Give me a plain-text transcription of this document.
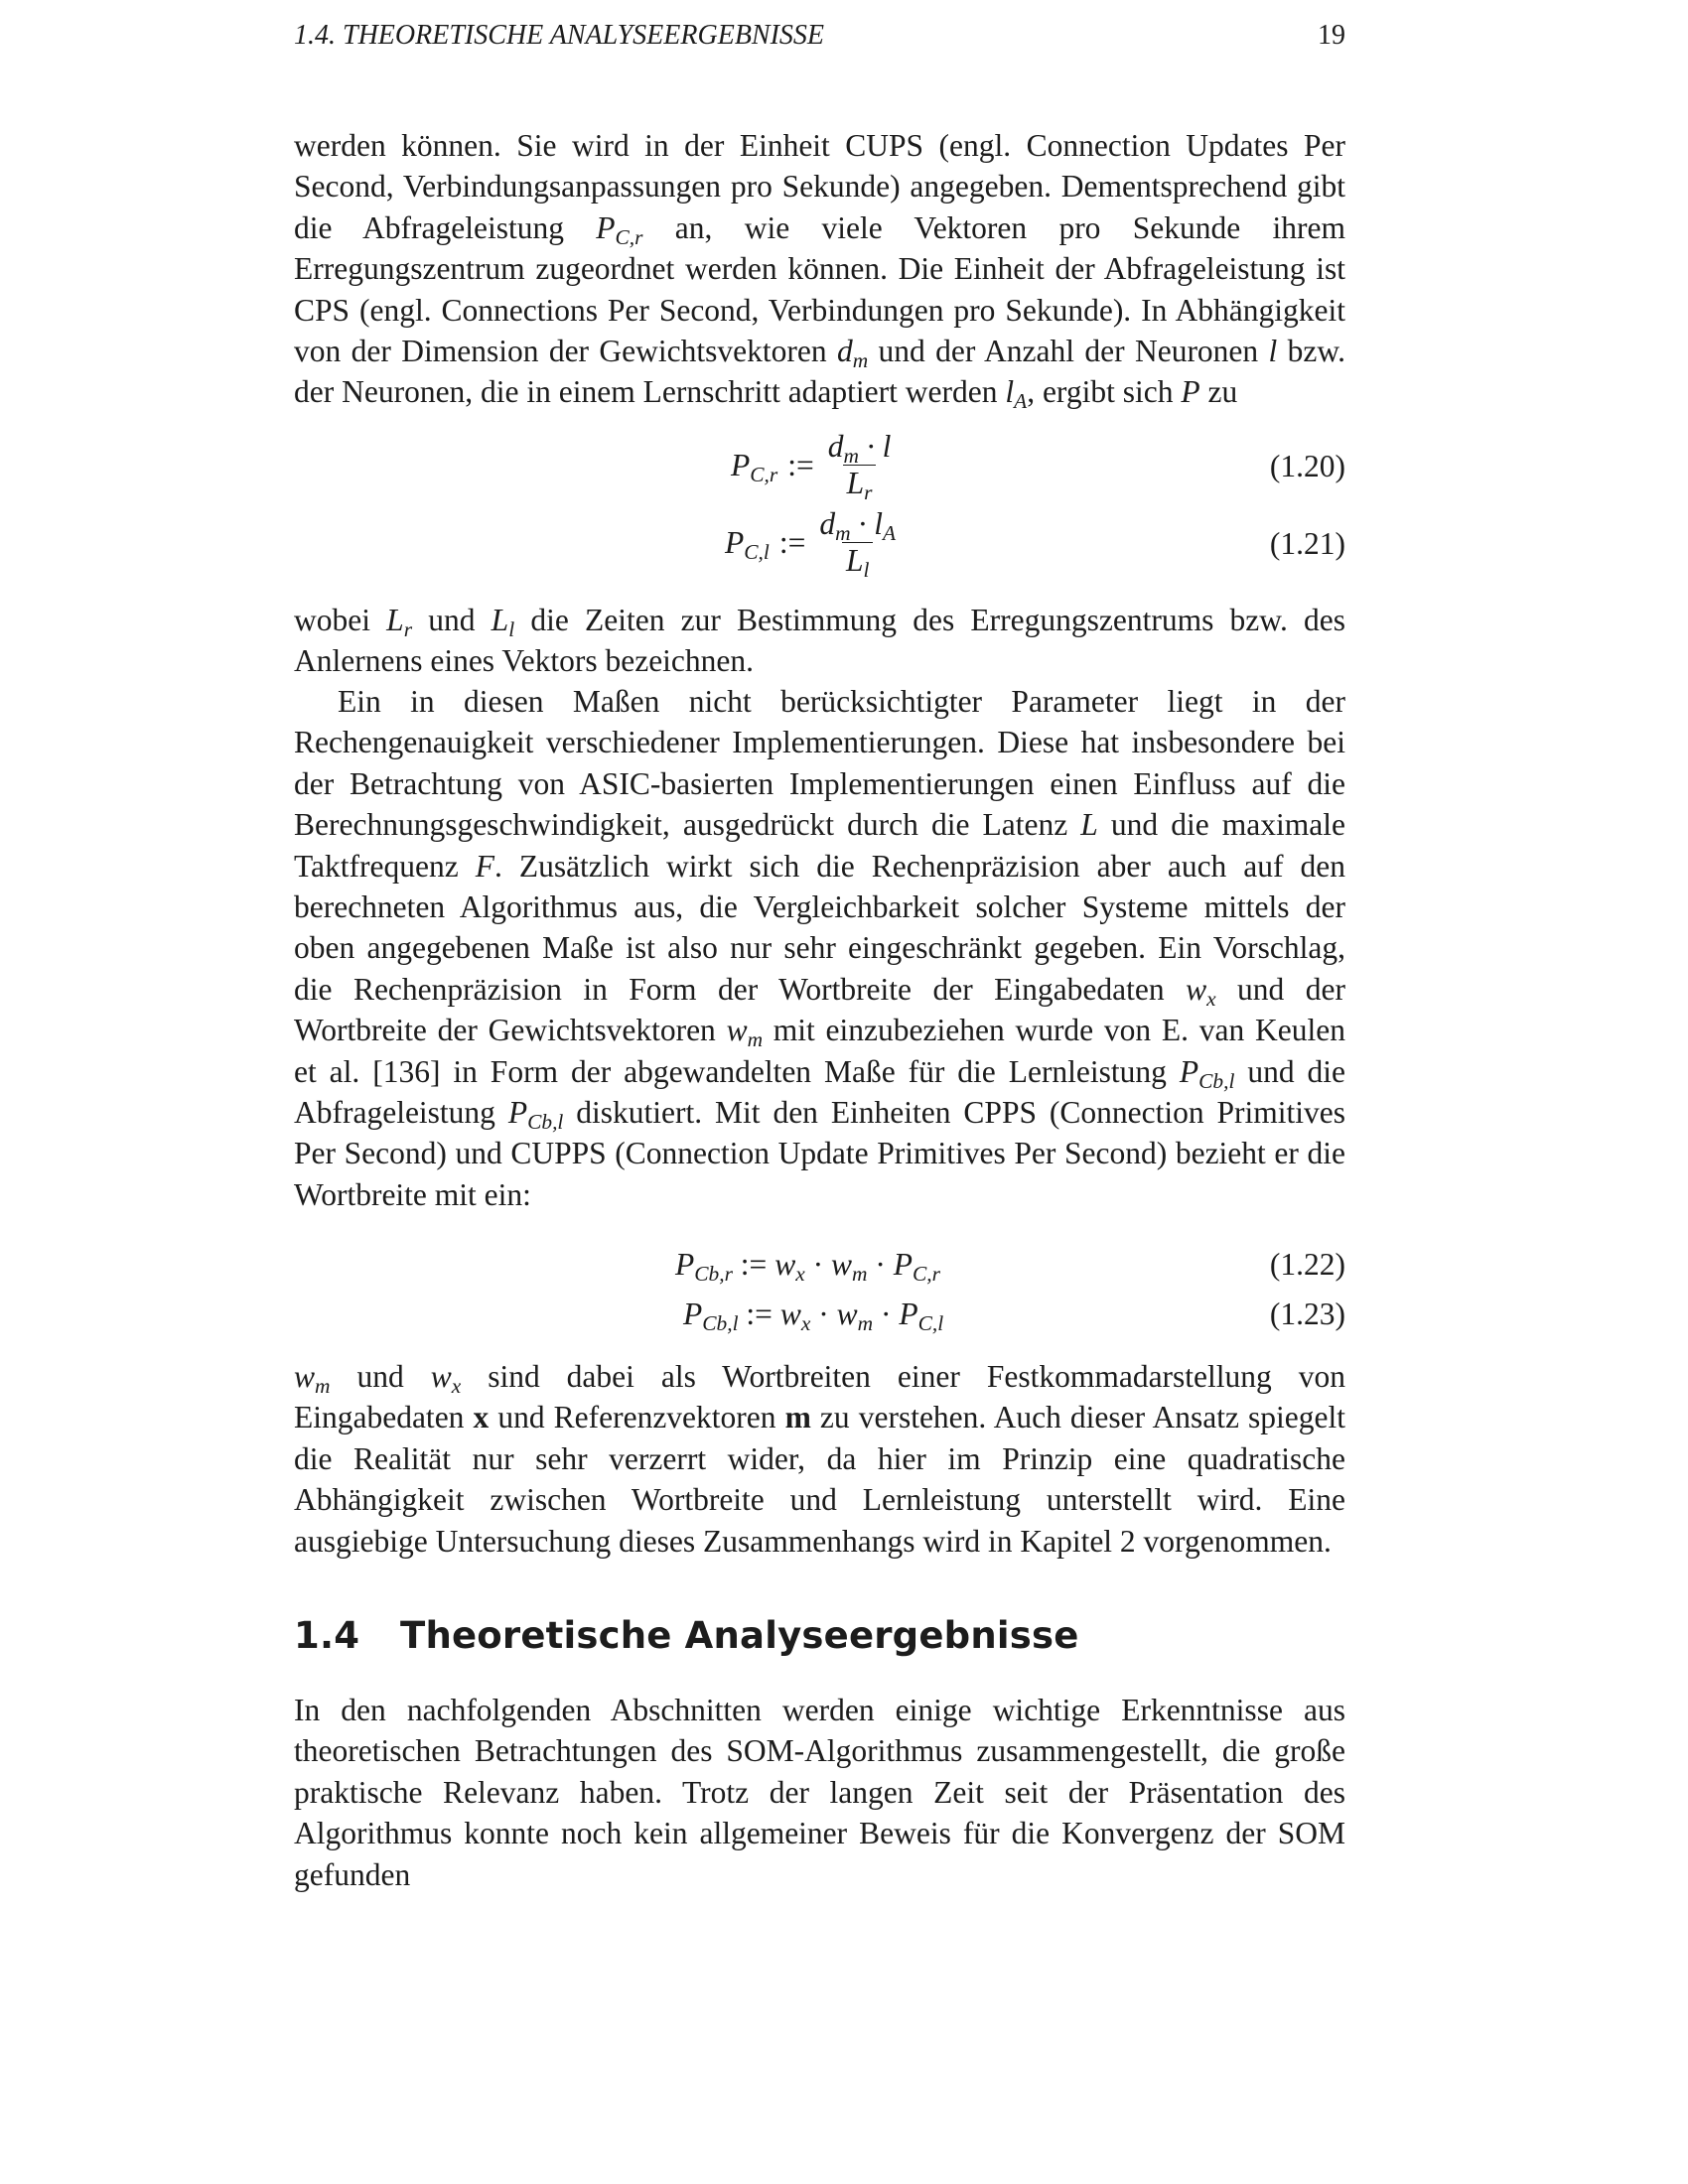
1.4. THEORETISCHE ANALYSEERGEBNISSE	19

werden können. Sie wird in der Einheit CUPS (engl. Connection Updates Per Second, Verbindungsanpassungen pro Sekunde) angegeben. Dementsprechend gibt die Abfrageleistung $P_{C,r}$ an, wie viele Vektoren pro Sekunde ihrem Erregungszentrum zugeordnet werden können. Die Einheit der Abfrageleistung ist CPS (engl. Connections Per Second, Verbindungen pro Sekunde). In Abhängigkeit von der Dimension der Gewichtsvektoren $d_m$ und der Anzahl der Neuronen l bzw. der Neuronen, die in einem Lernschritt adaptiert werden $l_A$, ergibt sich P zu

$P_{C,r}$ := $\frac{d_m \cdot l}{L_r}$	(1.20)
$P_{C,l}$ := $\frac{d_m \cdot l_A}{L_l}$	(1.21)

wobei $L_r$ und $L_l$ die Zeiten zur Bestimmung des Erregungszentrums bzw. des Anlernens eines Vektors bezeichnen.

Ein in diesen Maßen nicht berücksichtigter Parameter liegt in der Rechengenauigkeit verschiedener Implementierungen. Diese hat insbesondere bei der Betrachtung von ASIC-basierten Implementierungen einen Einfluss auf die Berechnungsgeschwindigkeit, ausgedrückt durch die Latenz L und die maximale Taktfrequenz F. Zusätzlich wirkt sich die Rechenpräzision aber auch auf den berechneten Algorithmus aus, die Vergleichbarkeit solcher Systeme mittels der oben angegebenen Maße ist also nur sehr eingeschränkt gegeben. Ein Vorschlag, die Rechenpräzision in Form der Wortbreite der Eingabedaten $w_x$ und der Wortbreite der Gewichtsvektoren $w_m$ mit einzubeziehen wurde von E. van Keulen et al. [136] in Form der abgewandelten Maße für die Lernleistung $P_{Cb,l}$ und die Abfrageleistung $P_{Cb,l}$ diskutiert. Mit den Einheiten CPPS (Connection Primitives Per Second) und CUPPS (Connection Update Primitives Per Second) bezieht er die Wortbreite mit ein:

$P_{Cb,r}$ := $w_x \cdot w_m \cdot P_{C,r}$	(1.22)
$P_{Cb,l}$ := $w_x \cdot w_m \cdot P_{C,l}$	(1.23)

$w_m$ und $w_x$ sind dabei als Wortbreiten einer Festkommadarstellung von Eingabedaten x und Referenzvektoren m zu verstehen. Auch dieser Ansatz spiegelt die Realität nur sehr verzerrt wider, da hier im Prinzip eine quadratische Abhängigkeit zwischen Wortbreite und Lernleistung unterstellt wird. Eine ausgiebige Untersuchung dieses Zusammenhangs wird in Kapitel 2 vorgenommen.

1.4 Theoretische Analyseergebnisse

In den nachfolgenden Abschnitten werden einige wichtige Erkenntnisse aus theoretischen Betrachtungen des SOM-Algorithmus zusammengestellt, die große praktische Relevanz haben. Trotz der langen Zeit seit der Präsentation des Algorithmus konnte noch kein allgemeiner Beweis für die Konvergenz der SOM gefunden
